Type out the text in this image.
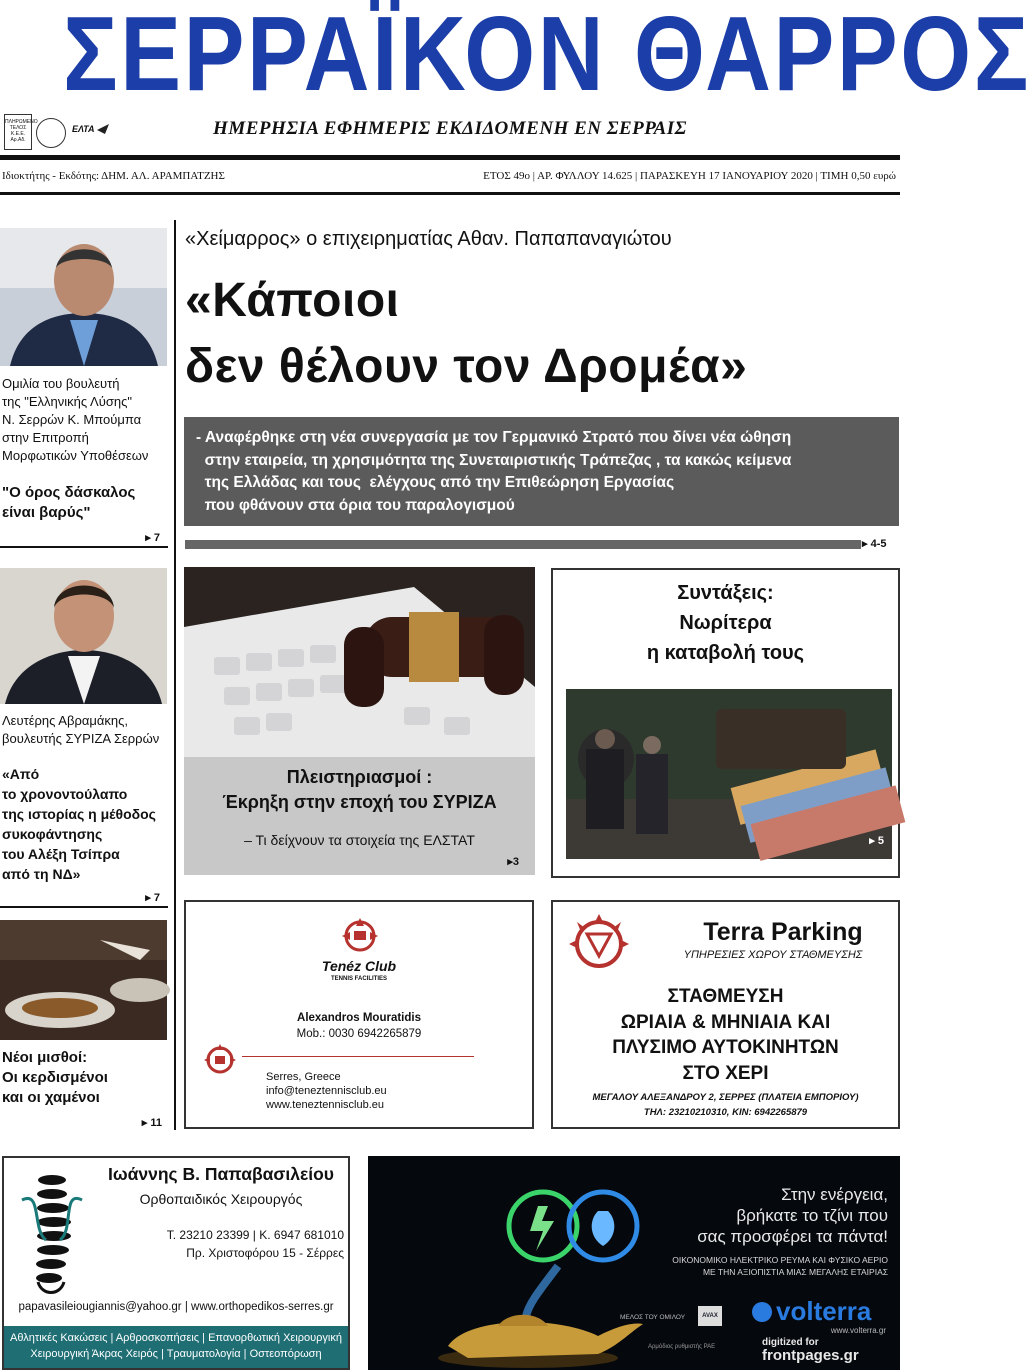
ΣΕΡΡΑΪΚΟΝ ΘΑΡΡΟΣ
ΠΛΗΡΩΜΕΝΟ
ΤΕΛΟΣ
Κ.Ε.Ε.
Αρ.Αδ.
ΕΛΤΑ	ΗΜΕΡΗΣΙΑ ΕΦΗΜΕΡΙΣ ΕΚΔΙΔΟΜΕΝΗ ΕΝ ΣΕΡΡΑΙΣ
Ιδιοκτήτης - Εκδότης: ΔΗΜ. ΑΛ. ΑΡΑΜΠΑΤΖΗΣ	ΕΤΟΣ 49ο | ΑΡ. ΦΥΛΛΟΥ 14.625 | ΠΑΡΑΣΚΕΥΗ 17 ΙΑΝΟΥΑΡΙΟΥ 2020 | ΤΙΜΗ 0,50 ευρώ
Ομιλία του βουλευτή
της "Ελληνικής Λύσης"
Ν. Σερρών Κ. Μπούμπα
στην Επιτροπή
Μορφωτικών Υποθέσεων
"Ο όρος δάσκαλος
είναι βαρύς"
▸ 7
Λευτέρης Αβραμάκης,
βουλευτής ΣΥΡΙΖΑ Σερρών
«Από
το χρονοντούλαπο
της ιστορίας η μέθοδος
συκοφάντησης
του Αλέξη Τσίπρα
από τη ΝΔ»
▸ 7
Νέοι μισθοί:
Οι κερδισμένοι
και οι χαμένοι
▸ 11
«Χείμαρρος» ο επιχειρηματίας Αθαν. Παπαπαναγιώτου
«Κάποιοι
δεν θέλουν τον Δρομέα»
- Αναφέρθηκε στη νέα συνεργασία με τον Γερμανικό Στρατό που δίνει νέα ώθηση
στην εταιρεία, τη χρησιμότητα της Συνεταιριστικής Τράπεζας , τα κακώς κείμενα
της Ελλάδας και τους  ελέγχους από την Επιθεώρηση Εργασίας
που φθάνουν στα όρια του παραλογισμού
▸ 4-5
Πλειστηριασμοί :
Έκρηξη στην εποχή του ΣΥΡΙΖΑ
– Τι δείχνουν τα στοιχεία της ΕΛΣΤΑΤ
▸3
Συντάξεις:
Νωρίτερα
η καταβολή τους
▸ 5
Tenéz Club
TENNIS FACILITIES
Alexandros Mouratidis
Mob.: 0030 6942265879
Serres, Greece
info@teneztennisclub.eu
www.teneztennisclub.eu
Terra Parking
ΥΠΗΡΕΣΙΕΣ ΧΩΡΟΥ ΣΤΑΘΜΕΥΣΗΣ
ΣΤΑΘΜΕΥΣΗ
ΩΡΙΑΙΑ & ΜΗΝΙΑΙΑ ΚΑΙ
ΠΛΥΣΙΜΟ ΑΥΤΟΚΙΝΗΤΩΝ
ΣΤΟ ΧΕΡΙ
ΜΕΓΑΛΟΥ ΑΛΕΞΑΝΔΡΟΥ 2, ΣΕΡΡΕΣ (ΠΛΑΤΕΙΑ ΕΜΠΟΡΙΟΥ)
ΤΗΛ: 23210210310, ΚΙΝ: 6942265879
Ιωάννης Β. Παπαβασιλείου
Ορθοπαιδικός Χειρουργός
Τ. 23210 23399 | Κ. 6947 681010
Πρ. Χριστοφόρου 15 - Σέρρες
papavasileiougiannis@yahoo.gr | www.orthopedikos-serres.gr
Αθλητικές Κακώσεις | Αρθροσκοπήσεις | Επανορθωτική Χειρουργική
Χειρουργική Άκρας Χειρός | Τραυματολογία | Οστεοπόρωση
Στην ενέργεια,
βρήκατε το τζίνι που
σας προσφέρει τα πάντα!
ΟΙΚΟΝΟΜΙΚΟ ΗΛΕΚΤΡΙΚΟ ΡΕΥΜΑ ΚΑΙ ΦΥΣΙΚΟ ΑΕΡΙΟ
ΜΕ ΤΗΝ ΑΞΙΟΠΙΣΤΙΑ ΜΙΑΣ ΜΕΓΑΛΗΣ ΕΤΑΙΡΙΑΣ
ΜΕΛΟΣ ΤΟΥ ΟΜΙΛΟΥ	AVAX
Αρμόδιος ρυθμιστής ΡΑΕ
volterra
www.volterra.gr
digitized for
frontpages.gr
